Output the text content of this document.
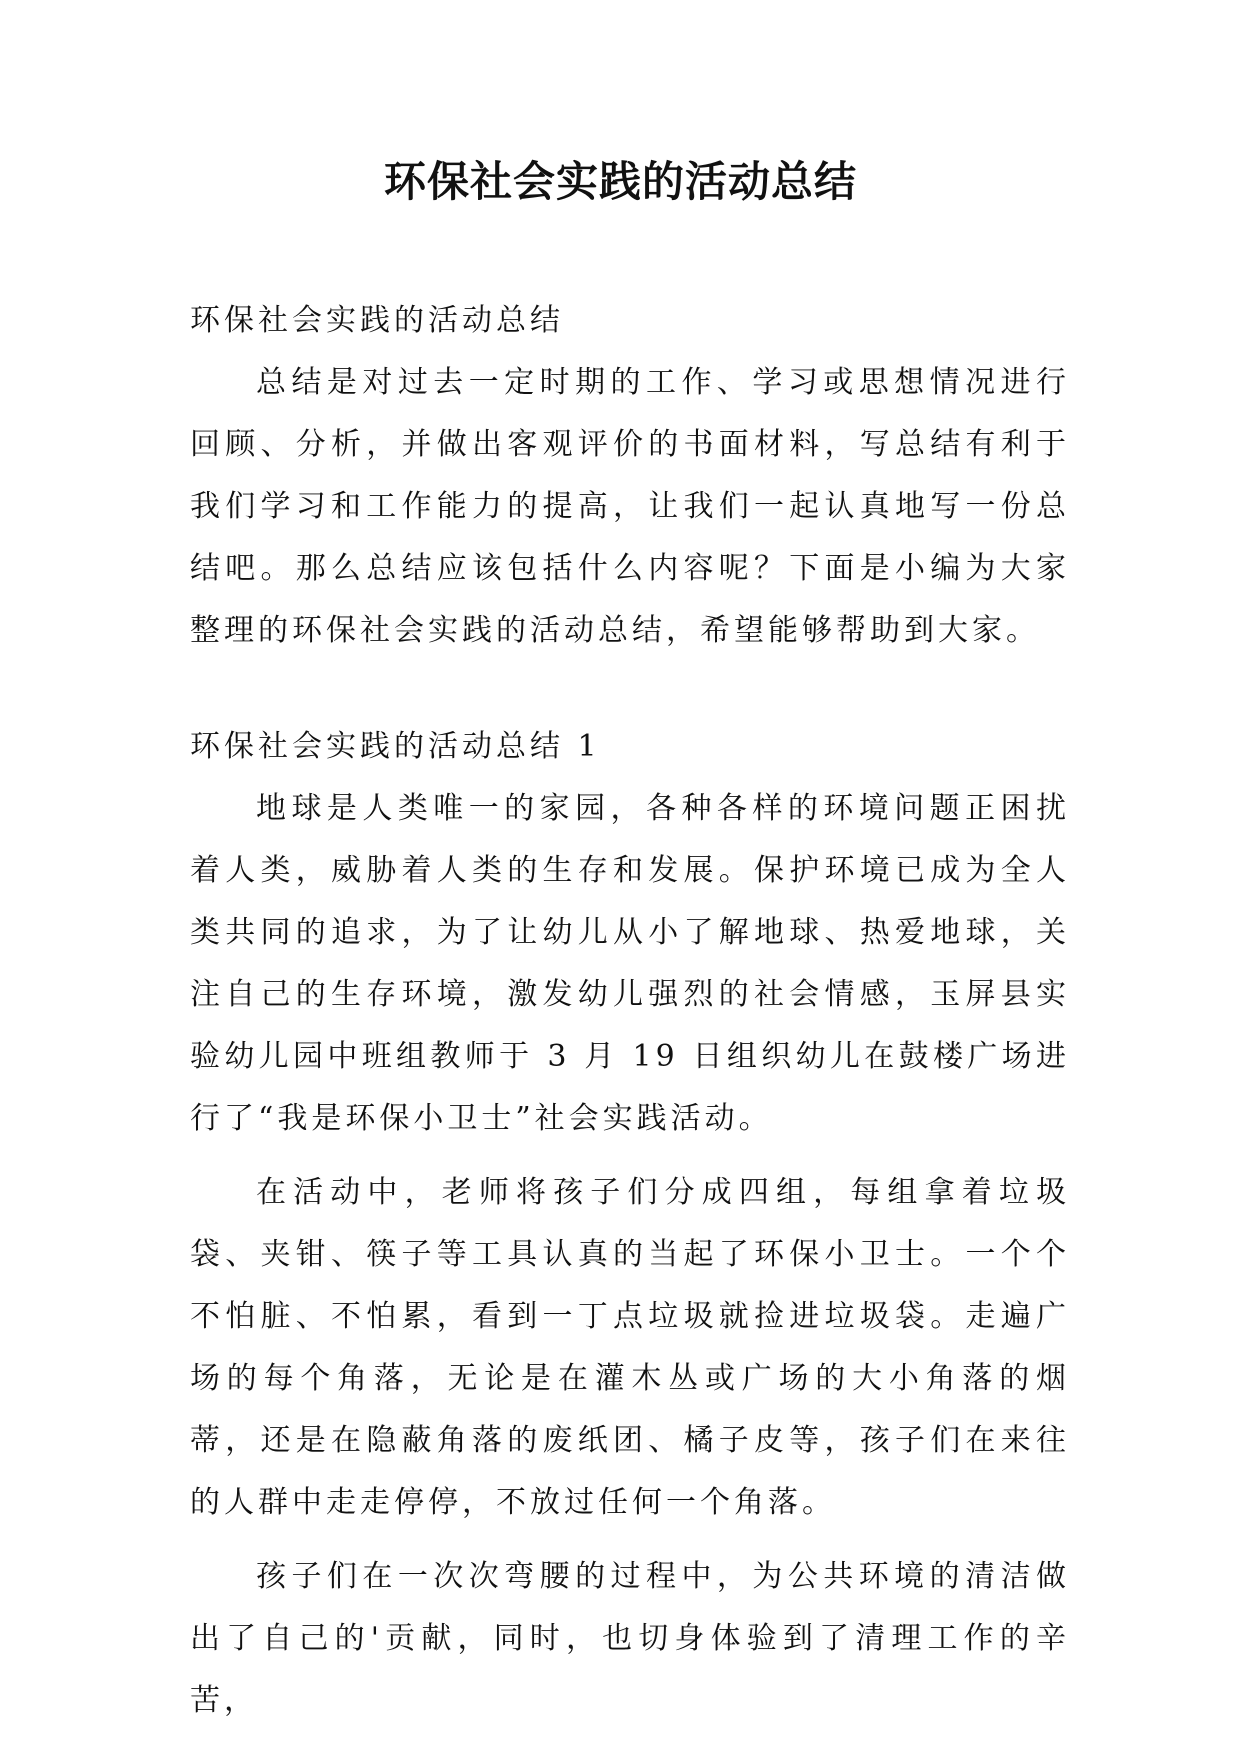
环保社会实践的活动总结

环保社会实践的活动总结

总结是对过去一定时期的工作、学习或思想情况进行回顾、分析，并做出客观评价的书面材料，写总结有利于我们学习和工作能力的提高，让我们一起认真地写一份总结吧。那么总结应该包括什么内容呢？下面是小编为大家整理的环保社会实践的活动总结，希望能够帮助到大家。

环保社会实践的活动总结 1

地球是人类唯一的家园，各种各样的环境问题正困扰着人类，威胁着人类的生存和发展。保护环境已成为全人类共同的追求，为了让幼儿从小了解地球、热爱地球，关注自己的生存环境，激发幼儿强烈的社会情感，玉屏县实验幼儿园中班组教师于 3 月 19 日组织幼儿在鼓楼广场进行了“我是环保小卫士”社会实践活动。

在活动中，老师将孩子们分成四组，每组拿着垃圾袋、夹钳、筷子等工具认真的当起了环保小卫士。一个个不怕脏、不怕累，看到一丁点垃圾就捡进垃圾袋。走遍广场的每个角落，无论是在灌木丛或广场的大小角落的烟蒂，还是在隐蔽角落的废纸团、橘子皮等，孩子们在来往的人群中走走停停，不放过任何一个角落。

孩子们在一次次弯腰的过程中，为公共环境的清洁做出了自己的'贡献，同时，也切身体验到了清理工作的辛苦，
